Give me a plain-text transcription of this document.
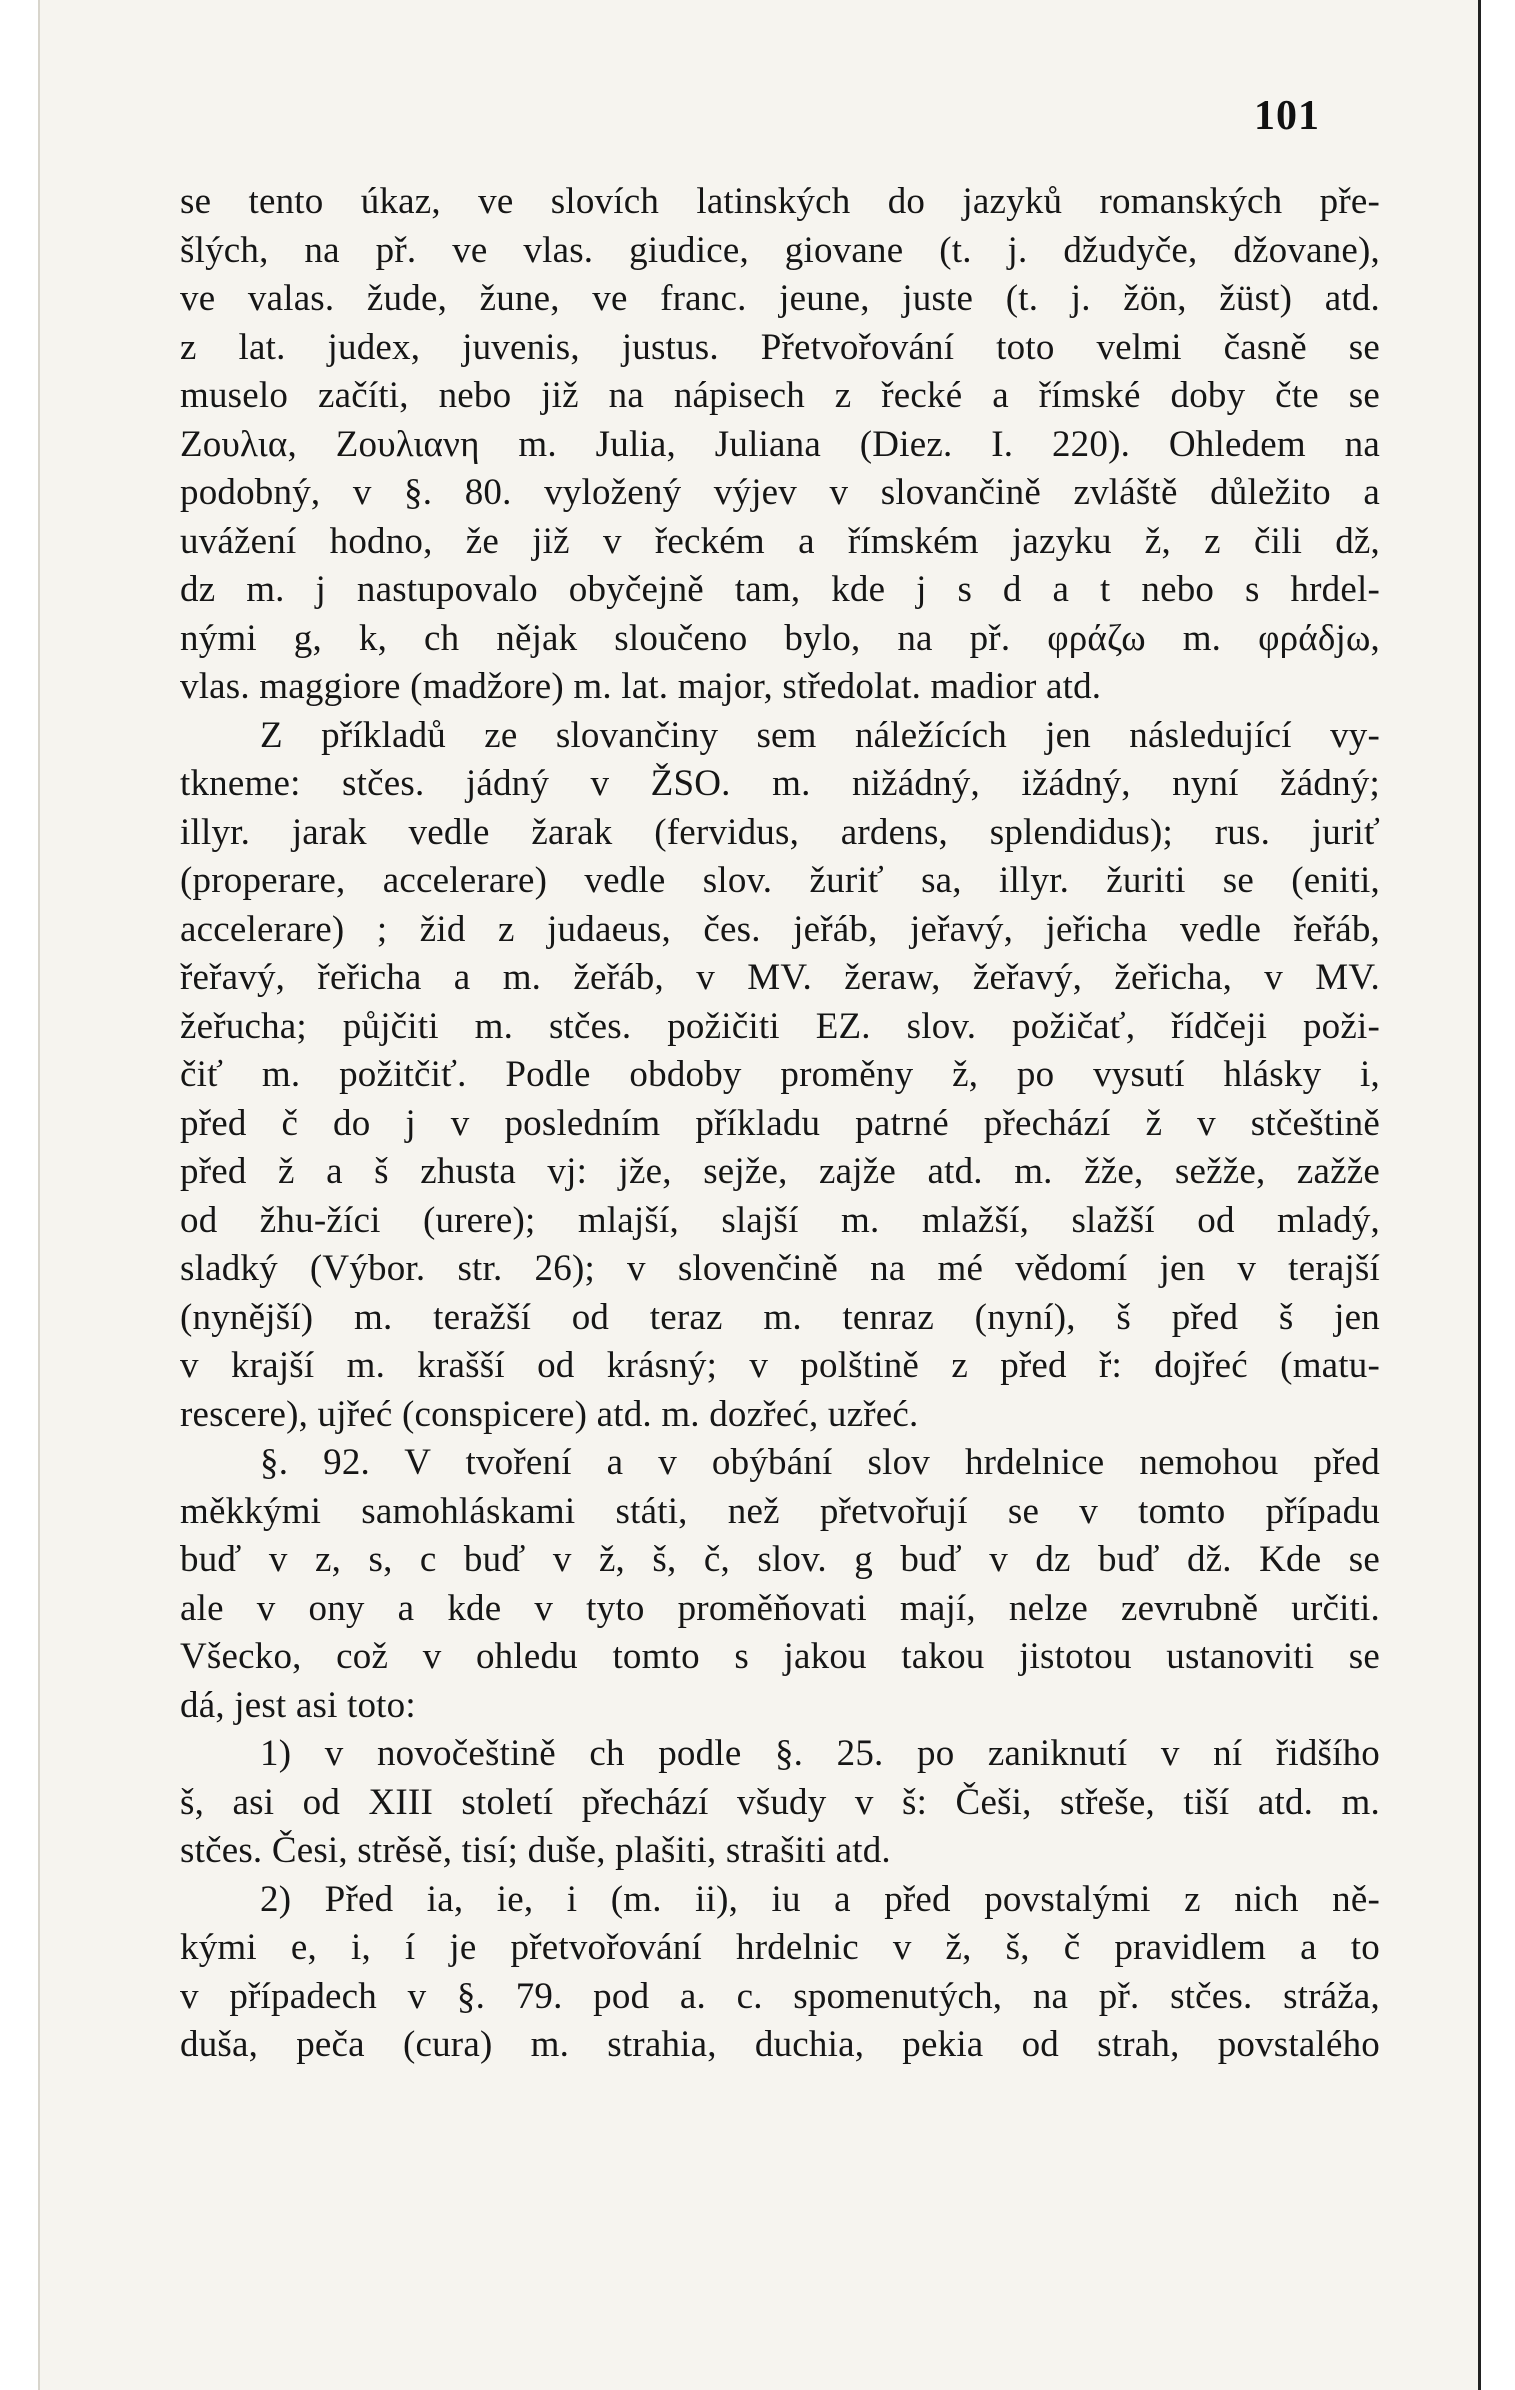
101
se tento úkaz, ve slovích latinských do jazyků romanských pře-
šlých, na př. ve vlas. giudice, giovane (t. j. džudyče, džovane),
ve valas. žude, žune, ve franc. jeune, juste (t. j. žön, žüst) atd.
z lat. judex, juvenis, justus. Přetvořování toto velmi časně se
muselo začíti, nebo již na nápisech z řecké a římské doby čte se
Ζουλια, Ζουλιανη m. Julia, Juliana (Diez. I. 220). Ohledem na
podobný, v §. 80. vyložený výjev v slovančině zvláště důležito a
uvážení hodno, že již v řeckém a římském jazyku ž, z čili dž,
dz m. j nastupovalo obyčejně tam, kde j s d a t nebo s hrdel-
nými g, k, ch nějak sloučeno bylo, na př. φράζω m. φράδjω,
vlas. maggiore (madžore) m. lat. major, středolat. madior atd.
Z příkladů ze slovančiny sem náležících jen následující vy-
tkneme: stčes. jádný v ŽSO. m. nižádný, ižádný, nyní žádný;
illyr. jarak vedle žarak (fervidus, ardens, splendidus); rus. juriť
(properare, accelerare) vedle slov. žuriť sa, illyr. žuriti se (eniti,
accelerare) ; žid z judaeus, čes. jeřáb, jeřavý, jeřicha vedle řeřáb,
řeřavý, řeřicha a m. žeřáb, v MV. žeraw, žeřavý, žeřicha, v MV.
žeřucha; půjčiti m. stčes. požičiti EZ. slov. požičať, řídčeji poži-
čiť m. požitčiť. Podle obdoby proměny ž, po vysutí hlásky i,
před č do j v posledním příkladu patrné přechází ž v stčeštině
před ž a š zhusta vj: jže, sejže, zajže atd. m. žže, sežže, zažže
od žhu-žíci (urere); mlajší, slajší m. mlažší, slažší od mladý,
sladký (Výbor. str. 26); v slovenčině na mé vědomí jen v terajší
(nynější) m. teražší od teraz m. tenraz (nyní), š před š jen
v krajší m. krašší od krásný; v polštině z před ř: dojřeć (matu-
rescere), ujřeć (conspicere) atd. m. dozřeć, uzřeć.
§. 92. V tvoření a v obýbání slov hrdelnice nemohou před
měkkými samohláskami státi, než přetvořují se v tomto případu
buď v z, s, c buď v ž, š, č, slov. g buď v dz buď dž. Kde se
ale v ony a kde v tyto proměňovati mají, nelze zevrubně určiti.
Všecko, což v ohledu tomto s jakou takou jistotou ustanoviti se
dá, jest asi toto:
1) v novočeštině ch podle §. 25. po zaniknutí v ní řidšího
š, asi od XIII století přechází všudy v š: Češi, střeše, tiší atd. m.
stčes. Česi, strěsě, tisí; duše, plašiti, strašiti atd.
2) Před ia, ie, i (m. ii), iu a před povstalými z nich ně-
kými e, i, í je přetvořování hrdelnic v ž, š, č pravidlem a to
v případech v §. 79. pod a. c. spomenutých, na př. stčes. stráža,
duša, peča (cura) m. strahia, duchia, pekia od strah, povstalého
